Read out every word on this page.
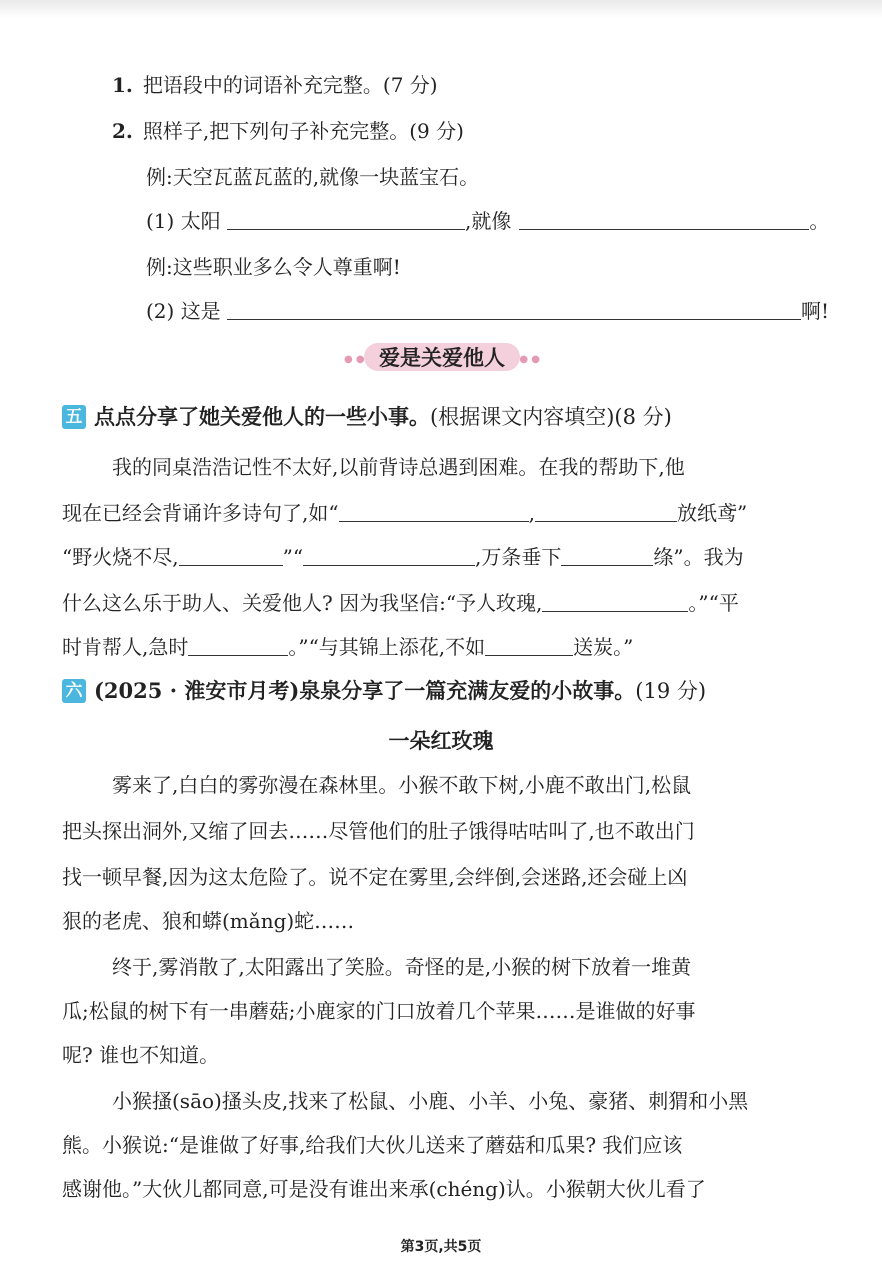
1. 把语段中的词语补充完整。(7 分)
2. 照样子,把下列句子补充完整。(9 分)
例:天空瓦蓝瓦蓝的,就像一块蓝宝石。
(1) 太阳	,就像	。
例:这些职业多么令人尊重啊!
(2) 这是	啊!
● ●	● ●
爱是关爱他人
五 点点分享了她关爱他人的一些小事。(根据课文内容填空)(8 分)
我的同桌浩浩记性不太好,以前背诗总遇到困难。在我的帮助下,他
现在已经会背诵许多诗句了,如“	,	放纸鸢”
“野火烧不尽,	”“	,万条垂下	绦”。我为
什么这么乐于助人、关爱他人? 因为我坚信:“予人玫瑰,	。”“平
时肯帮人,急时	。”“与其锦上添花,不如	送炭。”
六 (2025 · 淮安市月考)泉泉分享了一篇充满友爱的小故事。(19 分)
一朵红玫瑰
雾来了,白白的雾弥漫在森林里。小猴不敢下树,小鹿不敢出门,松鼠
把头探出洞外,又缩了回去……尽管他们的肚子饿得咕咕叫了,也不敢出门
找一顿早餐,因为这太危险了。说不定在雾里,会绊倒,会迷路,还会碰上凶
狠的老虎、狼和蟒(mǎng)蛇……
终于,雾消散了,太阳露出了笑脸。奇怪的是,小猴的树下放着一堆黄
瓜;松鼠的树下有一串蘑菇;小鹿家的门口放着几个苹果……是谁做的好事
呢? 谁也不知道。
小猴搔(sāo)搔头皮,找来了松鼠、小鹿、小羊、小兔、豪猪、刺猬和小黑
熊。小猴说:“是谁做了好事,给我们大伙儿送来了蘑菇和瓜果? 我们应该
感谢他。”大伙儿都同意,可是没有谁出来承(chéng)认。小猴朝大伙儿看了
第3页,共5页
